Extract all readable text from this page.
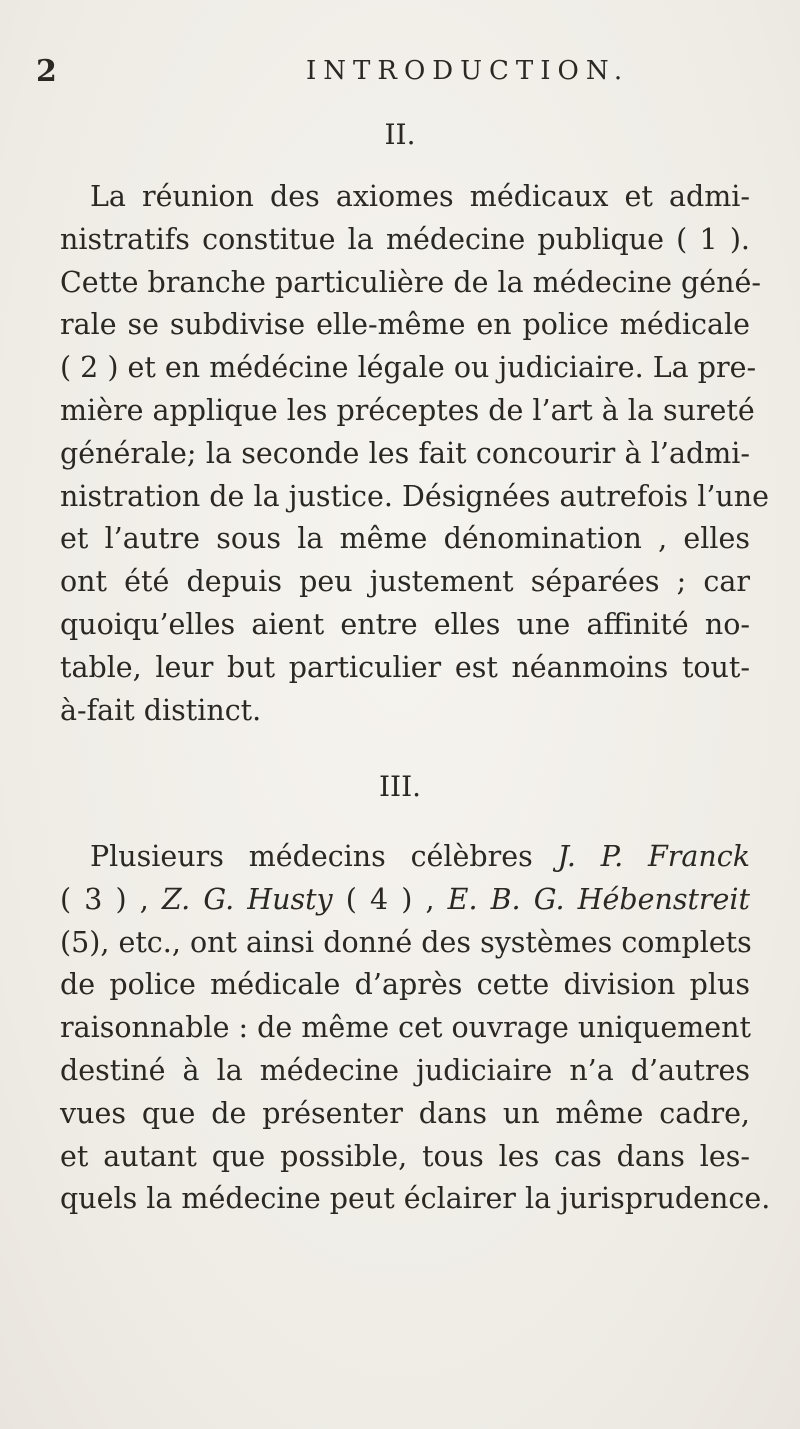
2	INTRODUCTION.
II.
La réunion des axiomes médicaux et admi-
nistratifs constitue la médecine publique ( 1 ).
Cette branche particulière de la médecine géné-
rale se subdivise elle-même en police médicale
( 2 ) et en médécine légale ou judiciaire. La pre-
mière applique les préceptes de l’art à la sureté
générale; la seconde les fait concourir à l’admi-
nistration de la justice. Désignées autrefois l’une
et l’autre sous la même dénomination , elles
ont été depuis peu justement séparées ; car
quoiqu’elles aient entre elles une affinité no-
table, leur but particulier est néanmoins tout-
à-fait distinct.
III.
Plusieurs médecins célèbres J. P. Franck
( 3 ) , Z. G. Husty ( 4 ) , E. B. G. Hébenstreit
(5), etc., ont ainsi donné des systèmes complets
de police médicale d’après cette division plus
raisonnable : de même cet ouvrage uniquement
destiné à la médecine judiciaire n’a d’autres
vues que de présenter dans un même cadre,
et autant que possible, tous les cas dans les-
quels la médecine peut éclairer la jurisprudence.
